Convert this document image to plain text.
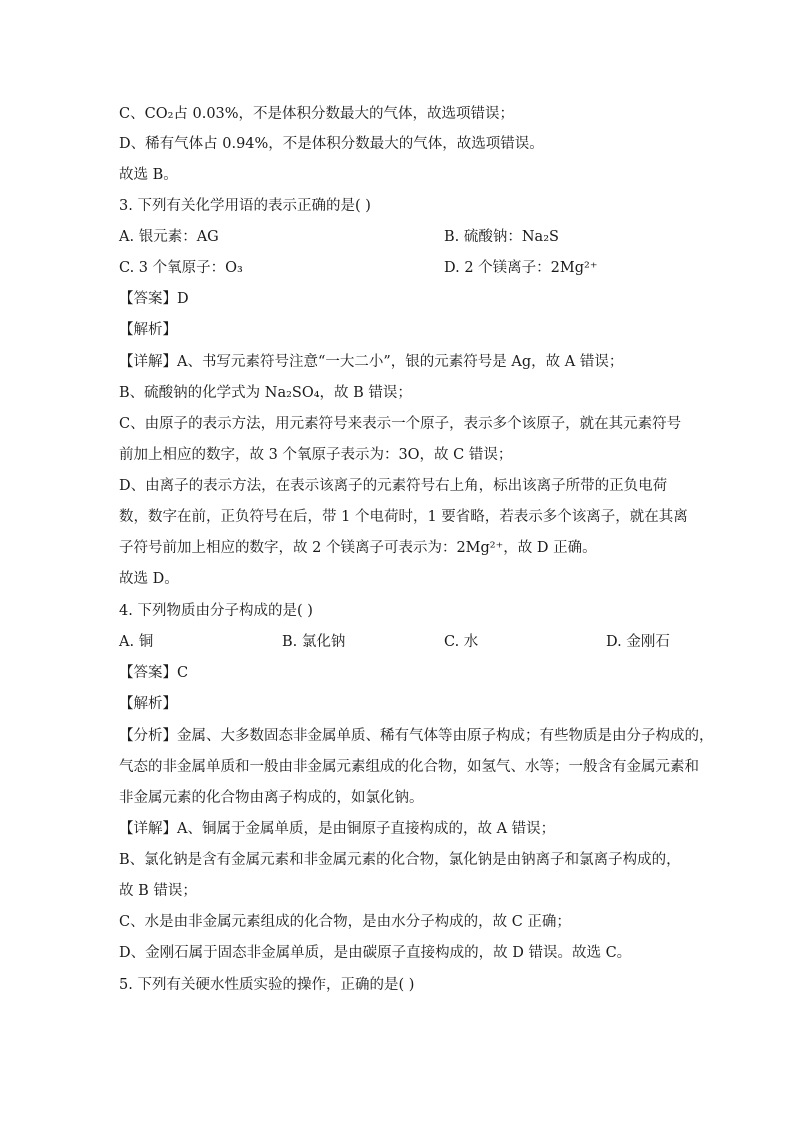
C、CO₂占 0.03%，不是体积分数最大的气体，故选项错误；
D、稀有气体占 0.94%，不是体积分数最大的气体，故选项错误。
故选 B。
3. 下列有关化学用语的表示正确的是( )
A. 银元素：AG	B. 硫酸钠：Na₂S
C. 3 个氧原子：O₃	D. 2 个镁离子：2Mg²⁺
【答案】D
【解析】
【详解】A、书写元素符号注意“一大二小”，银的元素符号是 Ag，故 A 错误；
B、硫酸钠的化学式为 Na₂SO₄，故 B 错误；
C、由原子的表示方法，用元素符号来表示一个原子，表示多个该原子，就在其元素符号
前加上相应的数字，故 3 个氧原子表示为：3O，故 C 错误；
D、由离子的表示方法，在表示该离子的元素符号右上角，标出该离子所带的正负电荷
数，数字在前，正负符号在后，带 1 个电荷时，1 要省略，若表示多个该离子，就在其离
子符号前加上相应的数字，故 2 个镁离子可表示为：2Mg²⁺，故 D 正确。
故选 D。
4. 下列物质由分子构成的是( )
A. 铜	B. 氯化钠	C. 水	D. 金刚石
【答案】C
【解析】
【分析】金属、大多数固态非金属单质、稀有气体等由原子构成；有些物质是由分子构成的，
气态的非金属单质和一般由非金属元素组成的化合物，如氢气、水等；一般含有金属元素和
非金属元素的化合物由离子构成的，如氯化钠。
【详解】A、铜属于金属单质，是由铜原子直接构成的，故 A 错误；
B、氯化钠是含有金属元素和非金属元素的化合物，氯化钠是由钠离子和氯离子构成的，
故 B 错误；
C、水是由非金属元素组成的化合物，是由水分子构成的，故 C 正确；
D、金刚石属于固态非金属单质，是由碳原子直接构成的，故 D 错误。故选 C。
5. 下列有关硬水性质实验的操作，正确的是( )
